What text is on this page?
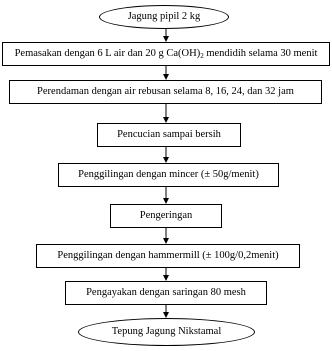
Jagung pipil 2 kg
Pemasakan dengan 6 L air dan 20 g $Ca(OH)_2$ mendidih selama 30 menit
Perendaman dengan air rebusan selama 8, 16, 24, dan 32 jam
Pencucian sampai bersih
Penggilingan dengan mincer (± 50g/menit)
Pengeringan
Penggilingan dengan hammermill (± 100g/0,2menit)
Pengayakan dengan saringan 80 mesh
Tepung Jagung Nikstamal
